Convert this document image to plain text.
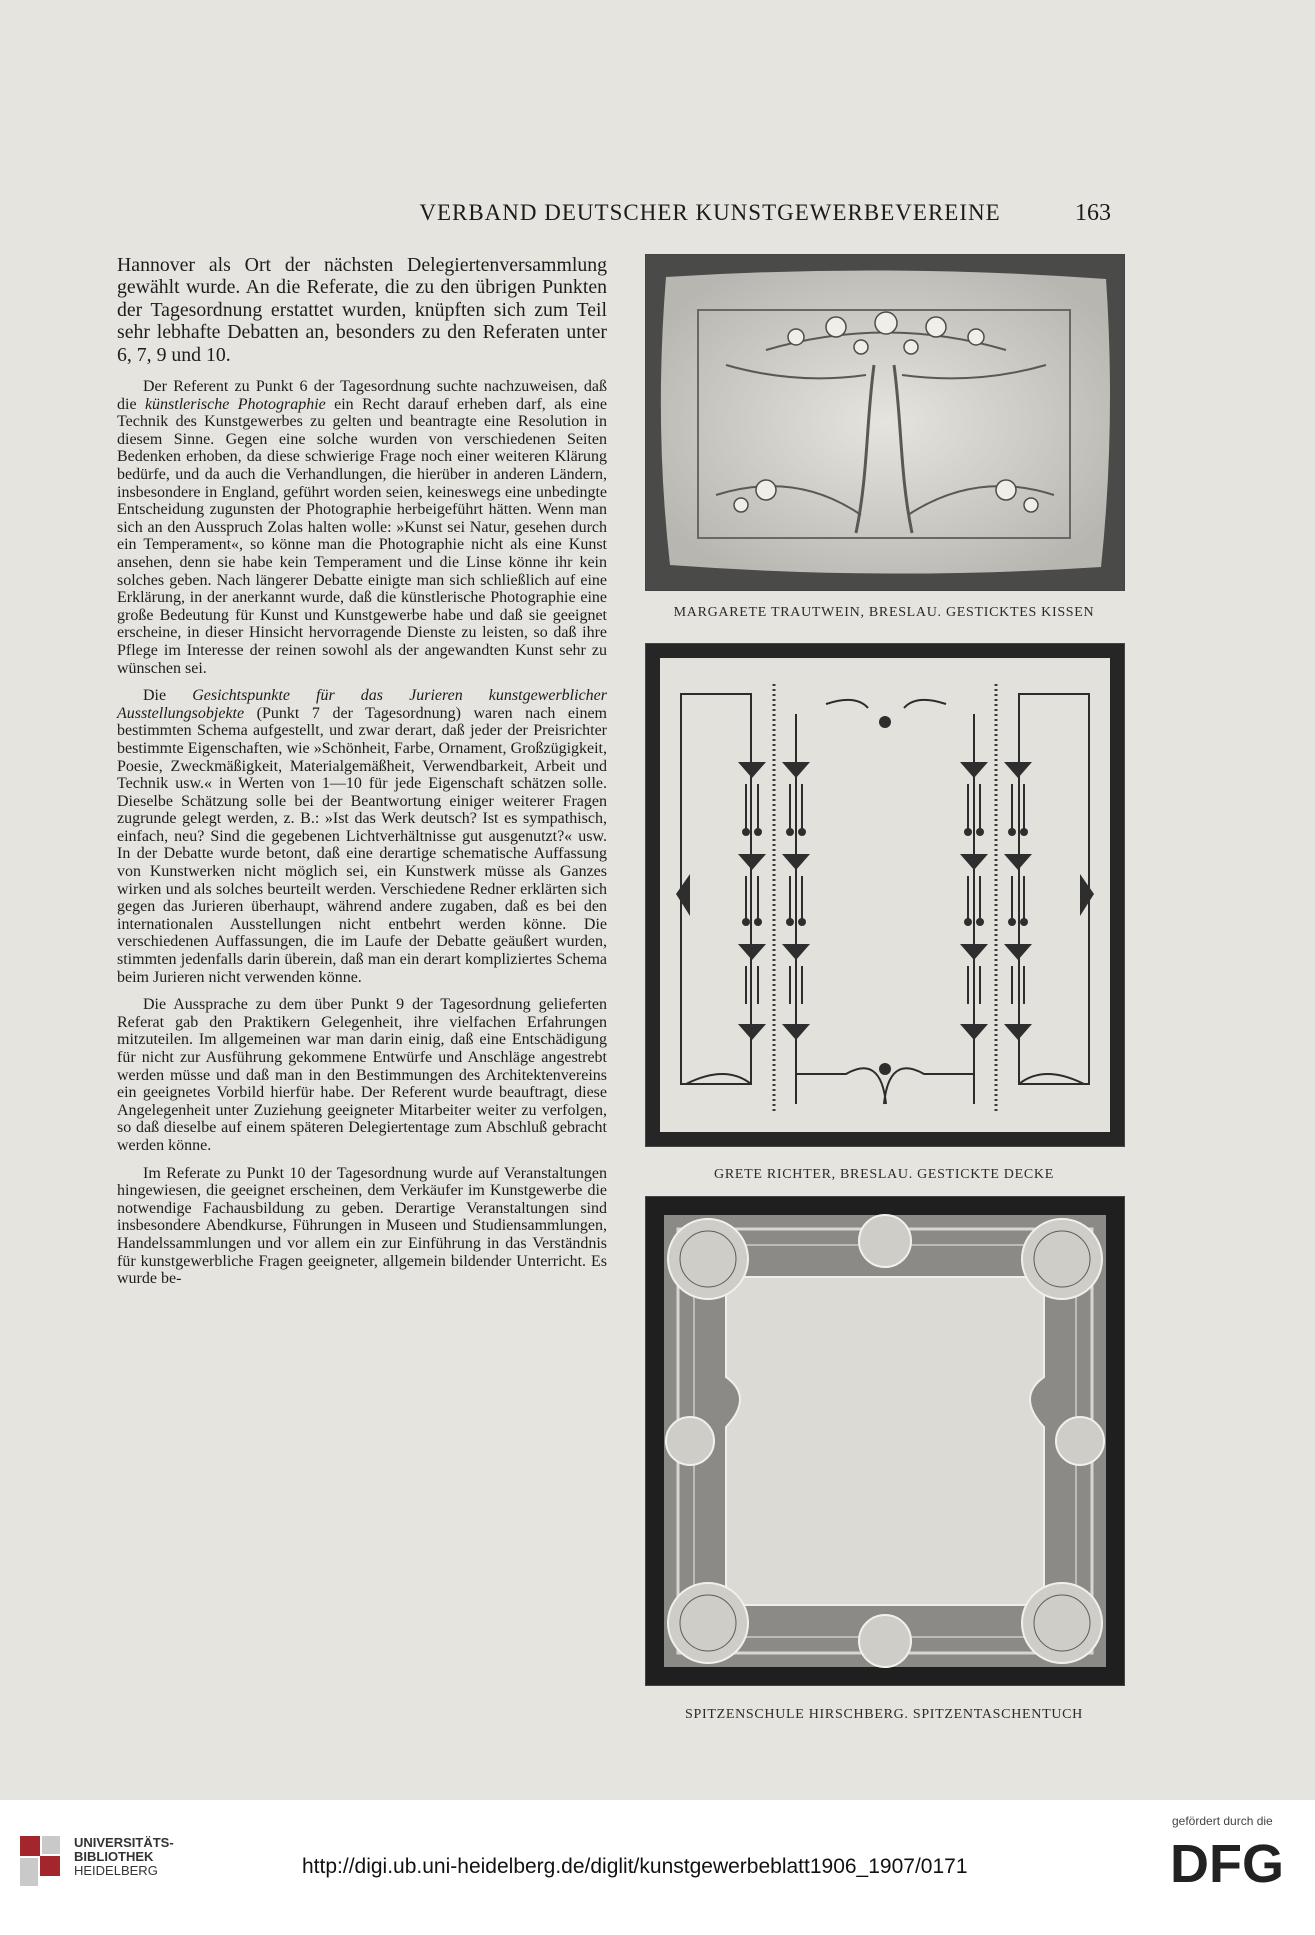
VERBAND DEUTSCHER KUNSTGEWERBEVEREINE	163

Hannover als Ort der nächsten Delegiertenversammlung gewählt wurde. An die Referate, die zu den übrigen Punkten der Tagesordnung erstattet wurden, knüpften sich zum Teil sehr lebhafte Debatten an, besonders zu den Referaten unter 6, 7, 9 und 10.

Der Referent zu Punkt 6 der Tagesordnung suchte nachzuweisen, daß die künstlerische Photographie ein Recht darauf erheben darf, als eine Technik des Kunstgewerbes zu gelten und beantragte eine Resolution in diesem Sinne. Gegen eine solche wurden von verschiedenen Seiten Bedenken erhoben, da diese schwierige Frage noch einer weiteren Klärung bedürfe, und da auch die Verhandlungen, die hierüber in anderen Ländern, insbesondere in England, geführt worden seien, keineswegs eine unbedingte Entscheidung zugunsten der Photographie herbeigeführt hätten. Wenn man sich an den Ausspruch Zolas halten wolle: »Kunst sei Natur, gesehen durch ein Temperament«, so könne man die Photographie nicht als eine Kunst ansehen, denn sie habe kein Temperament und die Linse könne ihr kein solches geben. Nach längerer Debatte einigte man sich schließlich auf eine Erklärung, in der anerkannt wurde, daß die künstlerische Photographie eine große Bedeutung für Kunst und Kunstgewerbe habe und daß sie geeignet erscheine, in dieser Hinsicht hervorragende Dienste zu leisten, so daß ihre Pflege im Interesse der reinen sowohl als der angewandten Kunst sehr zu wünschen sei.

Die Gesichtspunkte für das Jurieren kunstgewerblicher Ausstellungsobjekte (Punkt 7 der Tagesordnung) waren nach einem bestimmten Schema aufgestellt, und zwar derart, daß jeder der Preisrichter bestimmte Eigenschaften, wie »Schönheit, Farbe, Ornament, Großzügigkeit, Poesie, Zweckmäßigkeit, Materialgemäßheit, Verwendbarkeit, Arbeit und Technik usw.« in Werten von 1—10 für jede Eigenschaft schätzen solle. Dieselbe Schätzung solle bei der Beantwortung einiger weiterer Fragen zugrunde gelegt werden, z. B.: »Ist das Werk deutsch? Ist es sympathisch, einfach, neu? Sind die gegebenen Lichtverhältnisse gut ausgenutzt?« usw. In der Debatte wurde betont, daß eine derartige schematische Auffassung von Kunstwerken nicht möglich sei, ein Kunstwerk müsse als Ganzes wirken und als solches beurteilt werden. Verschiedene Redner erklärten sich gegen das Jurieren überhaupt, während andere zugaben, daß es bei den internationalen Ausstellungen nicht entbehrt werden könne. Die verschiedenen Auffassungen, die im Laufe der Debatte geäußert wurden, stimmten jedenfalls darin überein, daß man ein derart kompliziertes Schema beim Jurieren nicht verwenden könne.

Die Aussprache zu dem über Punkt 9 der Tagesordnung gelieferten Referat gab den Praktikern Gelegenheit, ihre vielfachen Erfahrungen mitzuteilen. Im allgemeinen war man darin einig, daß eine Entschädigung für nicht zur Ausführung gekommene Entwürfe und Anschläge angestrebt werden müsse und daß man in den Bestimmungen des Architektenvereins ein geeignetes Vorbild hierfür habe. Der Referent wurde beauftragt, diese Angelegenheit unter Zuziehung geeigneter Mitarbeiter weiter zu verfolgen, so daß dieselbe auf einem späteren Delegiertentage zum Abschluß gebracht werden könne.

Im Referate zu Punkt 10 der Tagesordnung wurde auf Veranstaltungen hingewiesen, die geeignet erscheinen, dem Verkäufer im Kunstgewerbe die notwendige Fachausbildung zu geben. Derartige Veranstaltungen sind insbesondere Abendkurse, Führungen in Museen und Studiensammlungen, Handelssammlungen und vor allem ein zur Einführung in das Verständnis für kunstgewerbliche Fragen geeigneter, allgemein bildender Unterricht. Es wurde be-

MARGARETE TRAUTWEIN, BRESLAU. GESTICKTES KISSEN
GRETE RICHTER, BRESLAU. GESTICKTE DECKE
SPITZENSCHULE HIRSCHBERG. SPITZENTASCHENTUCH
UNIVERSITÄTS-
BIBLIOTHEK
HEIDELBERG	http://digi.ub.uni-heidelberg.de/diglit/kunstgewerbeblatt1906_1907/0171
gefördert durch die
DFG
